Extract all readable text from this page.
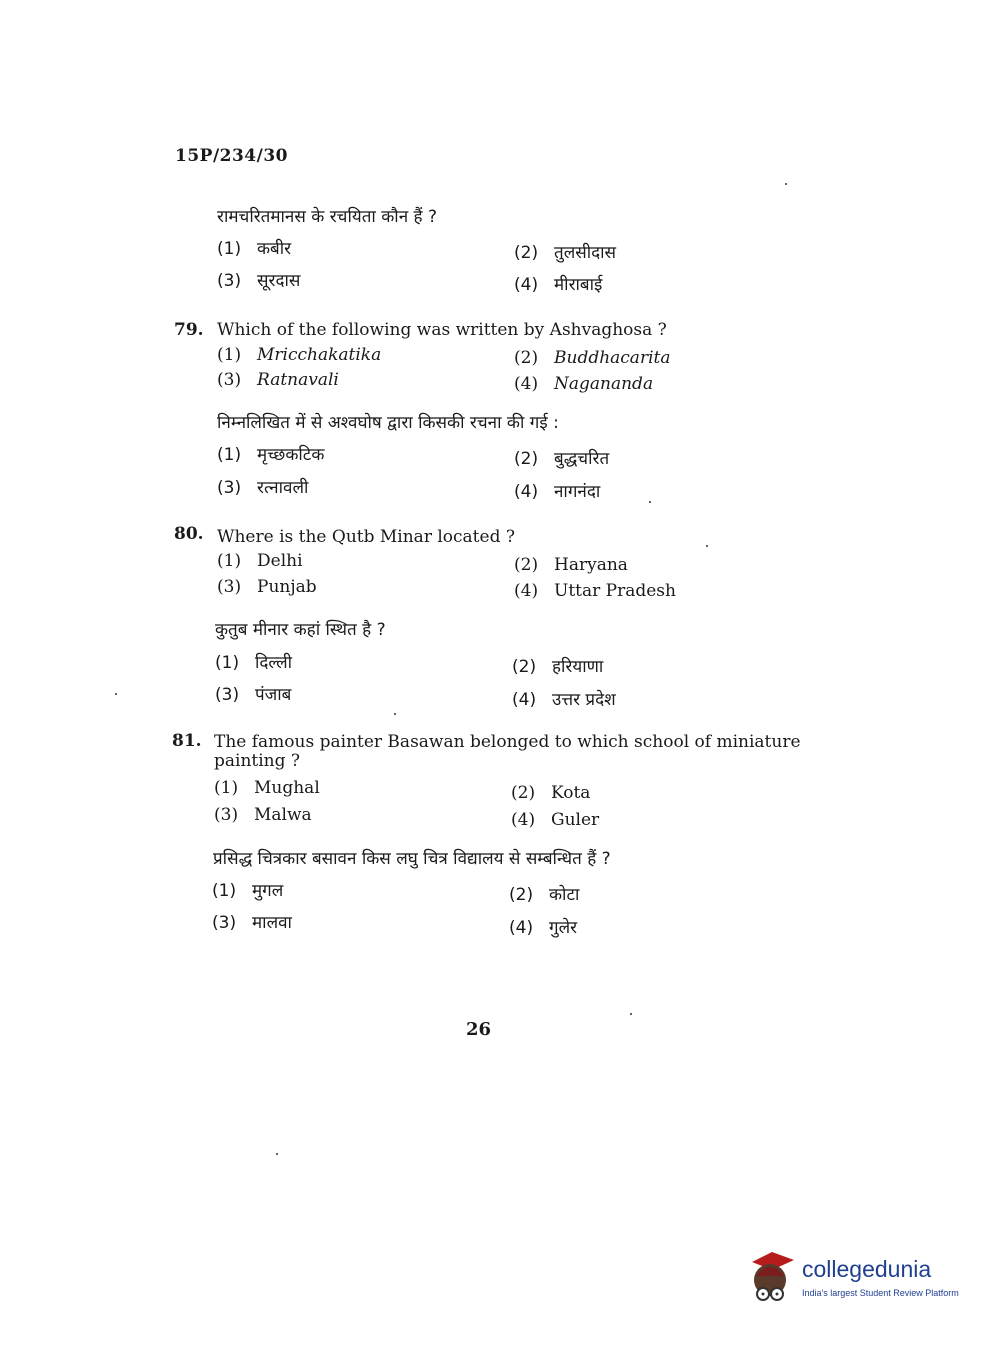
15P/234/30
रामचरितमानस के रचयिता कौन हैं ?
(1) कबीर	(2) तुलसीदास
(3) सूरदास	(4) मीराबाई
79. Which of the following was written by Ashvaghosa ?
(1) Mricchakatika	(2) Buddhacarita
(3) Ratnavali	(4) Nagananda
निम्नलिखित में से अश्वघोष द्वारा किसकी रचना की गई :
(1) मृच्छकटिक	(2) बुद्धचरित
(3) रत्नावली	(4) नागनंदा
80. Where is the Qutb Minar located ?
(1) Delhi	(2) Haryana
(3) Punjab	(4) Uttar Pradesh
कुतुब मीनार कहां स्थित है ?
(1) दिल्ली	(2) हरियाणा
(3) पंजाब	(4) उत्तर प्रदेश
81. The famous painter Basawan belonged to which school of miniature painting ?
(1) Mughal	(2) Kota
(3) Malwa	(4) Guler
प्रसिद्ध चित्रकार बसावन किस लघु चित्र विद्यालय से सम्बन्धित हैं ?
(1) मुगल	(2) कोटा
(3) मालवा	(4) गुलेर
26
collegedunia
India's largest Student Review Platform
